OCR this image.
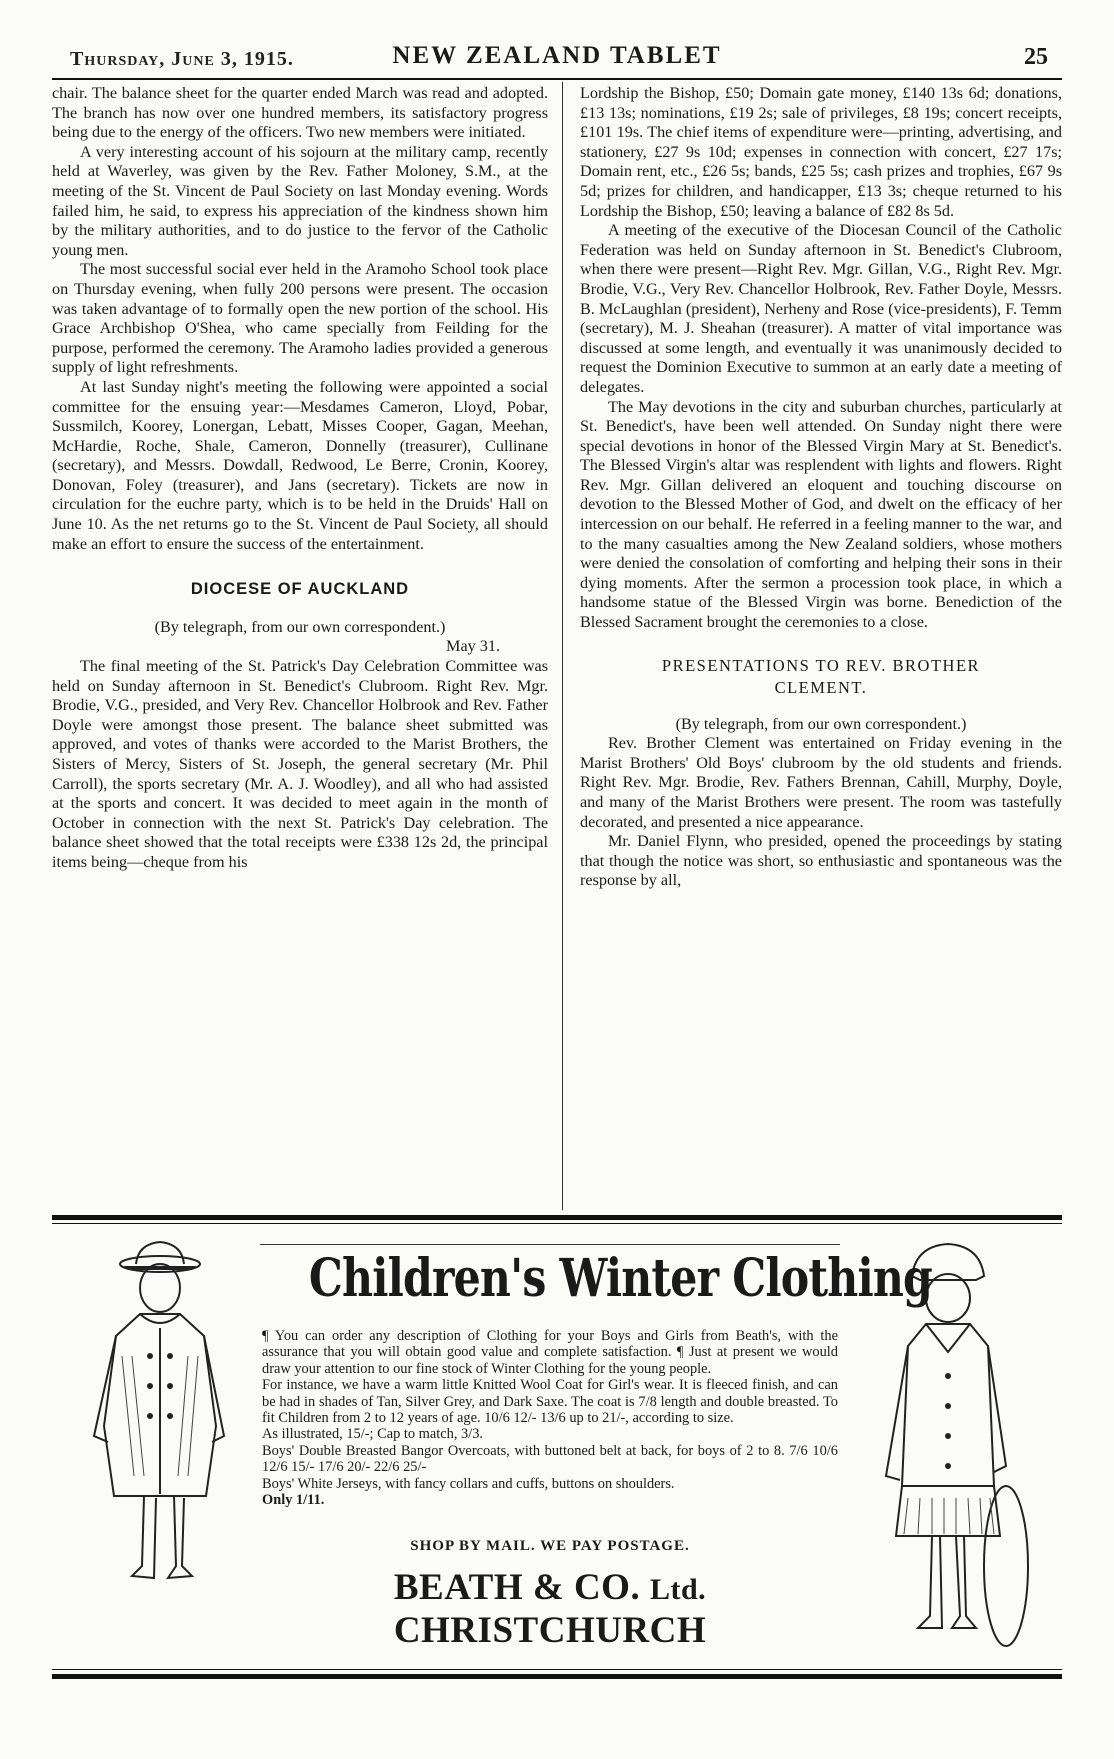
Thursday, June 3, 1915.	NEW ZEALAND TABLET	25

chair. The balance sheet for the quarter ended March was read and adopted. The branch has now over one hundred members, its satisfactory progress being due to the energy of the officers. Two new members were initiated.

A very interesting account of his sojourn at the military camp, recently held at Waverley, was given by the Rev. Father Moloney, S.M., at the meeting of the St. Vincent de Paul Society on last Monday evening. Words failed him, he said, to express his appreciation of the kindness shown him by the military authorities, and to do justice to the fervor of the Catholic young men.

The most successful social ever held in the Aramoho School took place on Thursday evening, when fully 200 persons were present. The occasion was taken advantage of to formally open the new portion of the school. His Grace Archbishop O'Shea, who came specially from Feilding for the purpose, performed the ceremony. The Aramoho ladies provided a generous supply of light refreshments.

At last Sunday night's meeting the following were appointed a social committee for the ensuing year:—Mesdames Cameron, Lloyd, Pobar, Sussmilch, Koorey, Lonergan, Lebatt, Misses Cooper, Gagan, Meehan, McHardie, Roche, Shale, Cameron, Donnelly (treasurer), Cullinane (secretary), and Messrs. Dowdall, Redwood, Le Berre, Cronin, Koorey, Donovan, Foley (treasurer), and Jans (secretary). Tickets are now in circulation for the euchre party, which is to be held in the Druids' Hall on June 10. As the net returns go to the St. Vincent de Paul Society, all should make an effort to ensure the success of the entertainment.

DIOCESE OF AUCKLAND

(By telegraph, from our own correspondent.)

May 31.

The final meeting of the St. Patrick's Day Celebration Committee was held on Sunday afternoon in St. Benedict's Clubroom. Right Rev. Mgr. Brodie, V.G., presided, and Very Rev. Chancellor Holbrook and Rev. Father Doyle were amongst those present. The balance sheet submitted was approved, and votes of thanks were accorded to the Marist Brothers, the Sisters of Mercy, Sisters of St. Joseph, the general secretary (Mr. Phil Carroll), the sports secretary (Mr. A. J. Woodley), and all who had assisted at the sports and concert. It was decided to meet again in the month of October in connection with the next St. Patrick's Day celebration. The balance sheet showed that the total receipts were £338 12s 2d, the principal items being—cheque from his

Lordship the Bishop, £50; Domain gate money, £140 13s 6d; donations, £13 13s; nominations, £19 2s; sale of privileges, £8 19s; concert receipts, £101 19s. The chief items of expenditure were—printing, advertising, and stationery, £27 9s 10d; expenses in connection with concert, £27 17s; Domain rent, etc., £26 5s; bands, £25 5s; cash prizes and trophies, £67 9s 5d; prizes for children, and handicapper, £13 3s; cheque returned to his Lordship the Bishop, £50; leaving a balance of £82 8s 5d.

A meeting of the executive of the Diocesan Council of the Catholic Federation was held on Sunday afternoon in St. Benedict's Clubroom, when there were present—Right Rev. Mgr. Gillan, V.G., Right Rev. Mgr. Brodie, V.G., Very Rev. Chancellor Holbrook, Rev. Father Doyle, Messrs. B. McLaughlan (president), Nerheny and Rose (vice-presidents), F. Temm (secretary), M. J. Sheahan (treasurer). A matter of vital importance was discussed at some length, and eventually it was unanimously decided to request the Dominion Executive to summon at an early date a meeting of delegates.

The May devotions in the city and suburban churches, particularly at St. Benedict's, have been well attended. On Sunday night there were special devotions in honor of the Blessed Virgin Mary at St. Benedict's. The Blessed Virgin's altar was resplendent with lights and flowers. Right Rev. Mgr. Gillan delivered an eloquent and touching discourse on devotion to the Blessed Mother of God, and dwelt on the efficacy of her intercession on our behalf. He referred in a feeling manner to the war, and to the many casualties among the New Zealand soldiers, whose mothers were denied the consolation of comforting and helping their sons in their dying moments. After the sermon a procession took place, in which a handsome statue of the Blessed Virgin was borne. Benediction of the Blessed Sacrament brought the ceremonies to a close.

PRESENTATIONS TO REV. BROTHER CLEMENT.

(By telegraph, from our own correspondent.)

Rev. Brother Clement was entertained on Friday evening in the Marist Brothers' Old Boys' clubroom by the old students and friends. Right Rev. Mgr. Brodie, Rev. Fathers Brennan, Cahill, Murphy, Doyle, and many of the Marist Brothers were present. The room was tastefully decorated, and presented a nice appearance.

Mr. Daniel Flynn, who presided, opened the proceedings by stating that though the notice was short, so enthusiastic and spontaneous was the response by all,

Children's Winter Clothing

¶ You can order any description of Clothing for your Boys and Girls from Beath's, with the assurance that you will obtain good value and complete satisfaction. ¶ Just at present we would draw your attention to our fine stock of Winter Clothing for the young people.

For instance, we have a warm little Knitted Wool Coat for Girl's wear. It is fleeced finish, and can be had in shades of Tan, Silver Grey, and Dark Saxe. The coat is 7/8 length and double breasted. To fit Children from 2 to 12 years of age. 10/6 12/- 13/6 up to 21/-, according to size.

As illustrated, 15/-; Cap to match, 3/3.

Boys' Double Breasted Bangor Overcoats, with buttoned belt at back, for boys of 2 to 8. 7/6 10/6 12/6 15/- 17/6 20/- 22/6 25/-

Boys' White Jerseys, with fancy collars and cuffs, buttons on shoulders.

Only 1/11.

SHOP BY MAIL. WE PAY POSTAGE.
BEATH & CO. Ltd. CHRISTCHURCH
